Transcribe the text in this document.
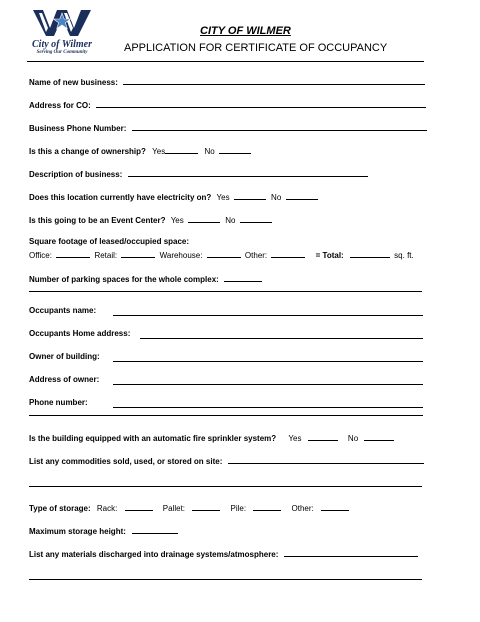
City of Wilmer
Serving Our Community
CITY OF WILMER
APPLICATION FOR CERTIFICATE OF OCCUPANCY
Name of new business:
Address for CO:
Business Phone Number:
Is this a change of ownership? Yes	No
Description of business:
Does this location currently have electricity on? Yes	No
Is this going to be an Event Center? Yes	No
Square footage of leased/occupied space:
Office:	Retail:	Warehouse:	Other:	= Total:	sq. ft.
Number of parking spaces for the whole complex:
Occupants name:
Occupants Home address:
Owner of building:
Address of owner:
Phone number:
Is the building equipped with an automatic fire sprinkler system? Yes	No
List any commodities sold, used, or stored on site:
Type of storage: Rack:	Pallet:	Pile:	Other:
Maximum storage height:
List any materials discharged into drainage systems/atmosphere:
